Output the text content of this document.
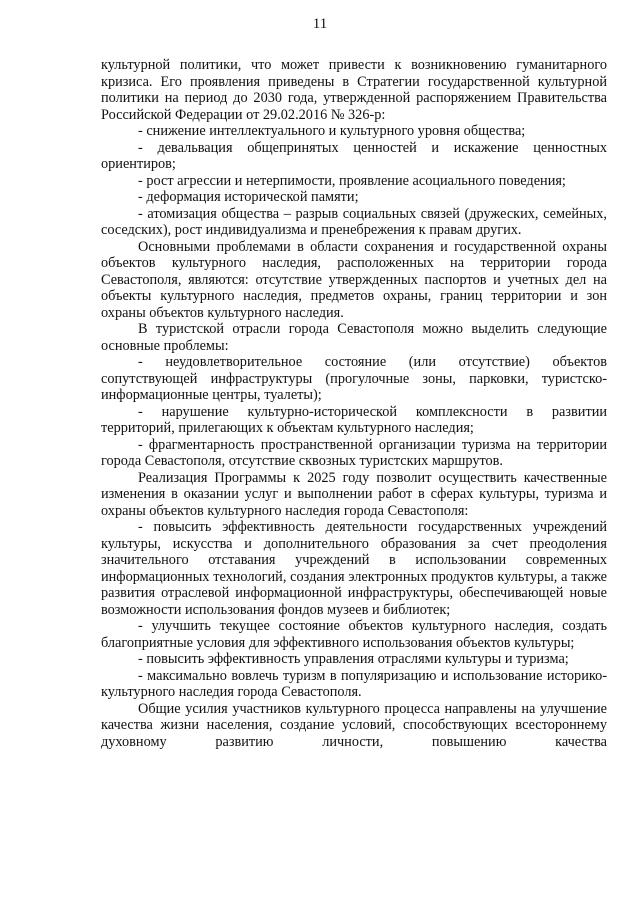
11

культурной политики, что может привести к возникновению гуманитарного кризиса. Его проявления приведены в Стратегии государственной культурной политики на период до 2030 года, утвержденной распоряжением Правительства Российской Федерации от 29.02.2016 № 326-р:

- снижение интеллектуального и культурного уровня общества;

- девальвация общепринятых ценностей и искажение ценностных ориентиров;

- рост агрессии и нетерпимости, проявление асоциального поведения;

- деформация исторической памяти;

- атомизация общества – разрыв социальных связей (дружеских, семейных, соседских), рост индивидуализма и пренебрежения к правам других.

Основными проблемами в области сохранения и государственной охраны объектов культурного наследия, расположенных на территории города Севастополя, являются: отсутствие утвержденных паспортов и учетных дел на объекты культурного наследия, предметов охраны, границ территории и зон охраны объектов культурного наследия.

В туристской отрасли города Севастополя можно выделить следующие основные проблемы:

- неудовлетворительное состояние (или отсутствие) объектов сопутствующей инфраструктуры (прогулочные зоны, парковки, туристско-информационные центры, туалеты);

- нарушение культурно-исторической комплексности в развитии территорий, прилегающих к объектам культурного наследия;

- фрагментарность пространственной организации туризма на территории города Севастополя, отсутствие сквозных туристских маршрутов.

Реализация Программы к 2025 году позволит осуществить качественные изменения в оказании услуг и выполнении работ в сферах культуры, туризма и охраны объектов культурного наследия города Севастополя:

- повысить эффективность деятельности государственных учреждений культуры, искусства и дополнительного образования за счет преодоления значительного отставания учреждений в использовании современных информационных технологий, создания электронных продуктов культуры, а также развития отраслевой информационной инфраструктуры, обеспечивающей новые возможности использования фондов музеев и библиотек;

- улучшить текущее состояние объектов культурного наследия, создать благоприятные условия для эффективного использования объектов культуры;

- повысить эффективность управления отраслями культуры и туризма;

- максимально вовлечь туризм в популяризацию и использование историко-культурного наследия города Севастополя.

Общие усилия участников культурного процесса направлены на улучшение качества жизни населения, создание условий, способствующих всестороннему духовному развитию личности, повышению качества
